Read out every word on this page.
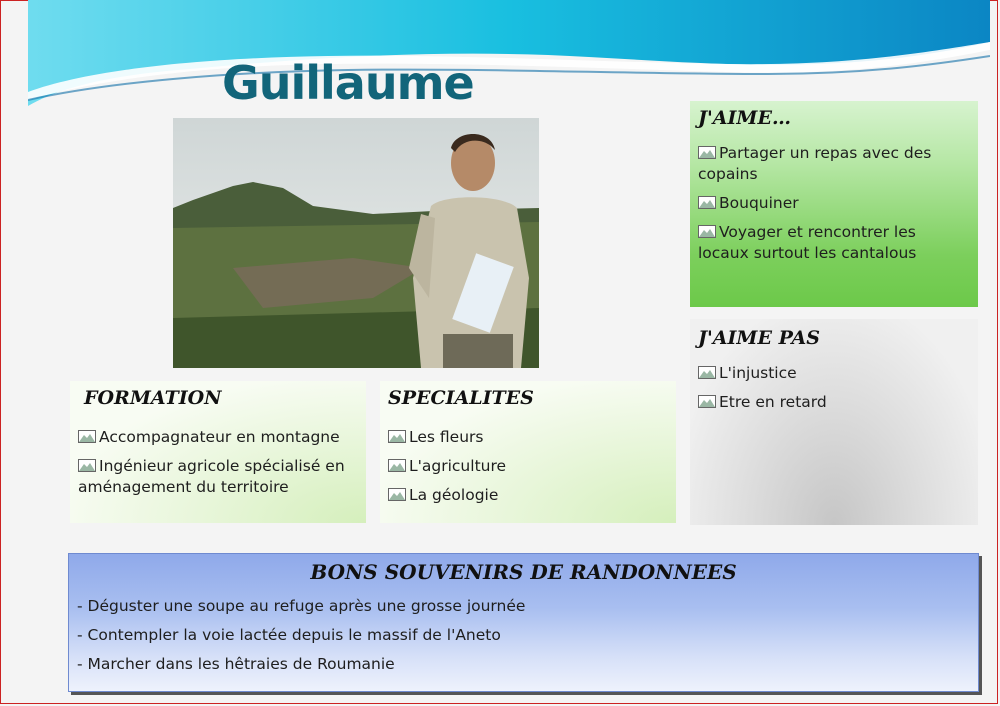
Guillaume
J'AIME…
Partager un repas avec des copains
Bouquiner
Voyager et rencontrer les locaux surtout les cantalous
J'AIME PAS
L'injustice
Etre en retard
FORMATION
Accompagnateur en montagne
Ingénieur agricole spécialisé en aménagement du territoire
SPECIALITES
Les fleurs
L'agriculture
La géologie
BONS SOUVENIRS DE RANDONNEES
- Déguster une soupe au refuge après une grosse journée
- Contempler la voie lactée depuis le massif de l'Aneto
- Marcher dans les hêtraies de Roumanie
